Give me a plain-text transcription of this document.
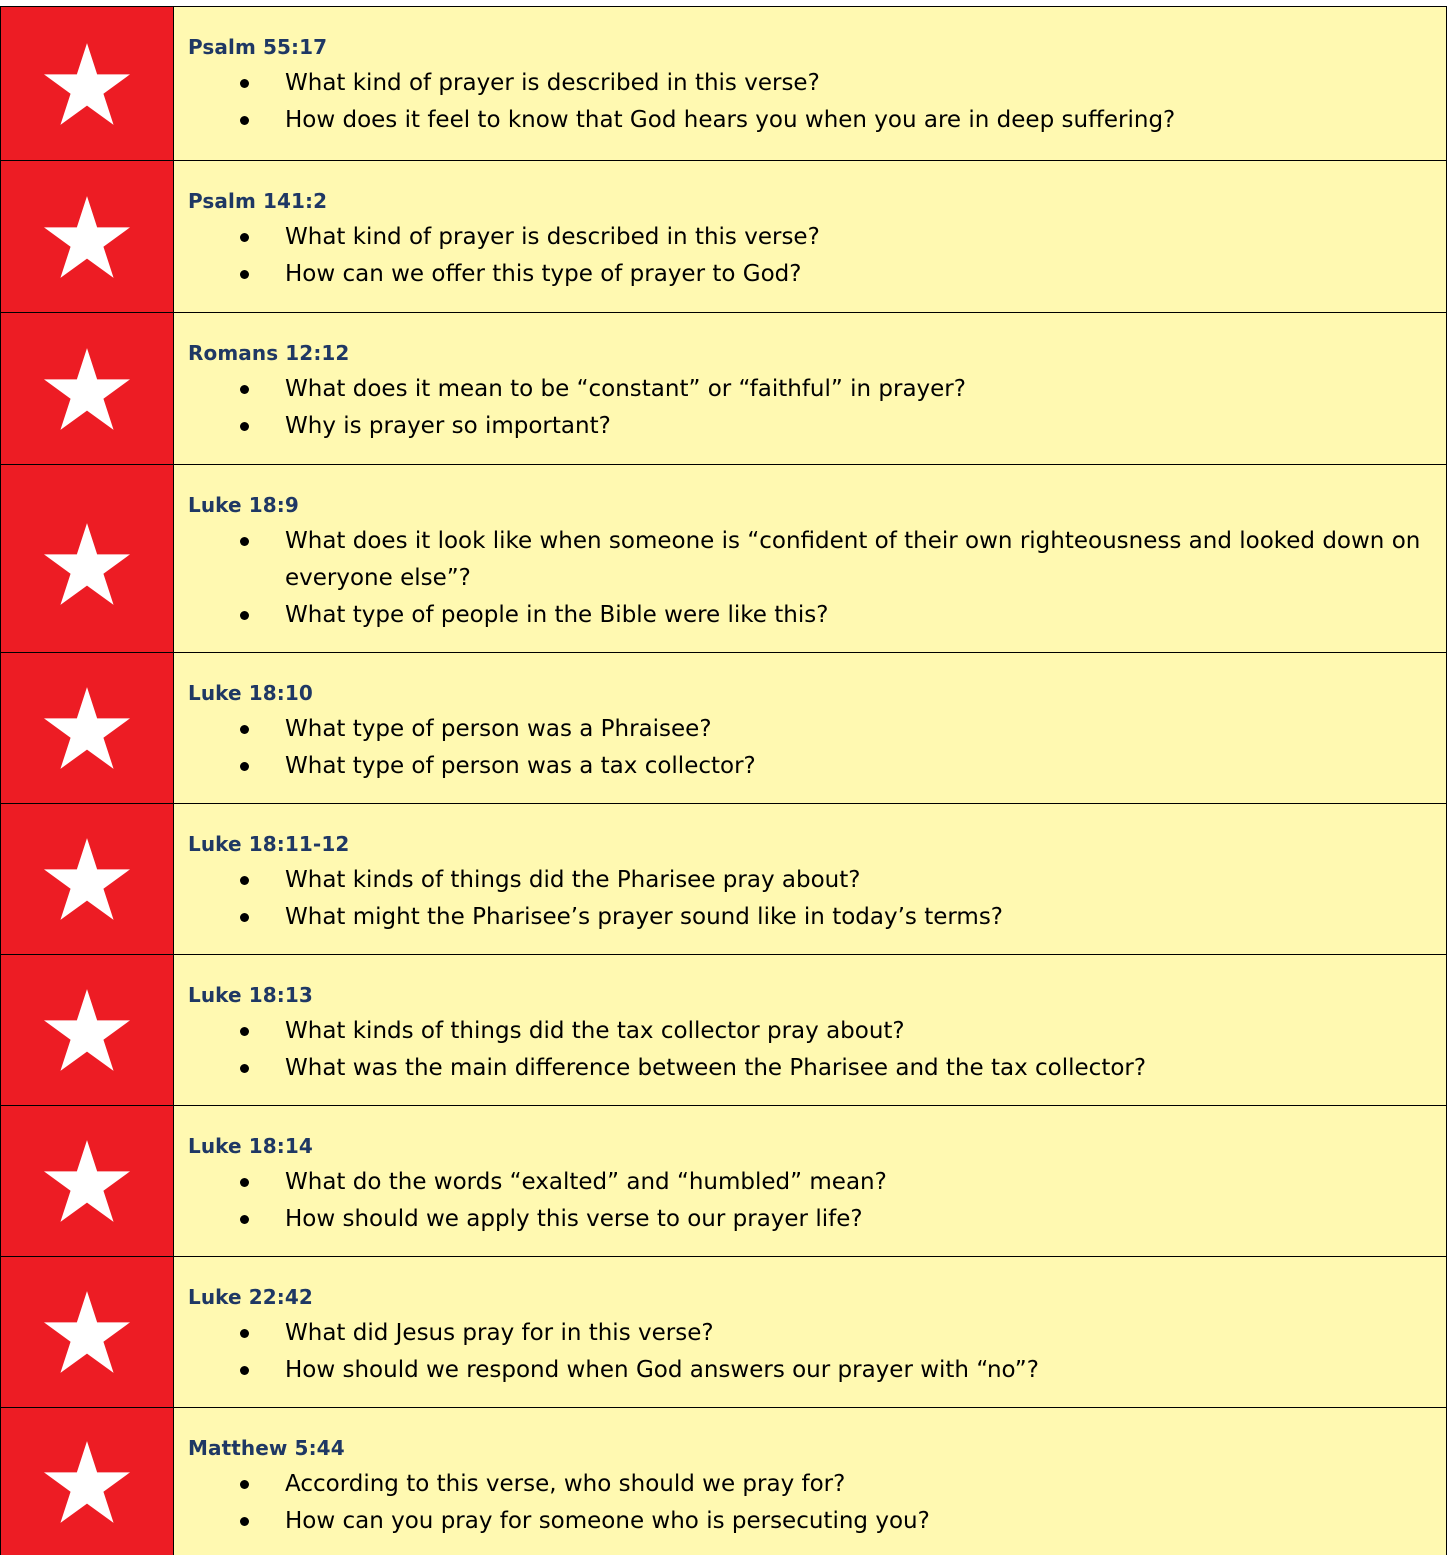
Psalm 55:17
What kind of prayer is described in this verse?
How does it feel to know that God hears you when you are in deep suffering?
Psalm 141:2
What kind of prayer is described in this verse?
How can we offer this type of prayer to God?
Romans 12:12
What does it mean to be “constant” or “faithful” in prayer?
Why is prayer so important?
Luke 18:9
What does it look like when someone is “confident of their own righteousness and looked down on everyone else”?
What type of people in the Bible were like this?
Luke 18:10
What type of person was a Phraisee?
What type of person was a tax collector?
Luke 18:11-12
What kinds of things did the Pharisee pray about?
What might the Pharisee’s prayer sound like in today’s terms?
Luke 18:13
What kinds of things did the tax collector pray about?
What was the main difference between the Pharisee and the tax collector?
Luke 18:14
What do the words “exalted” and “humbled” mean?
How should we apply this verse to our prayer life?
Luke 22:42
What did Jesus pray for in this verse?
How should we respond when God answers our prayer with “no”?
Matthew 5:44
According to this verse, who should we pray for?
How can you pray for someone who is persecuting you?
